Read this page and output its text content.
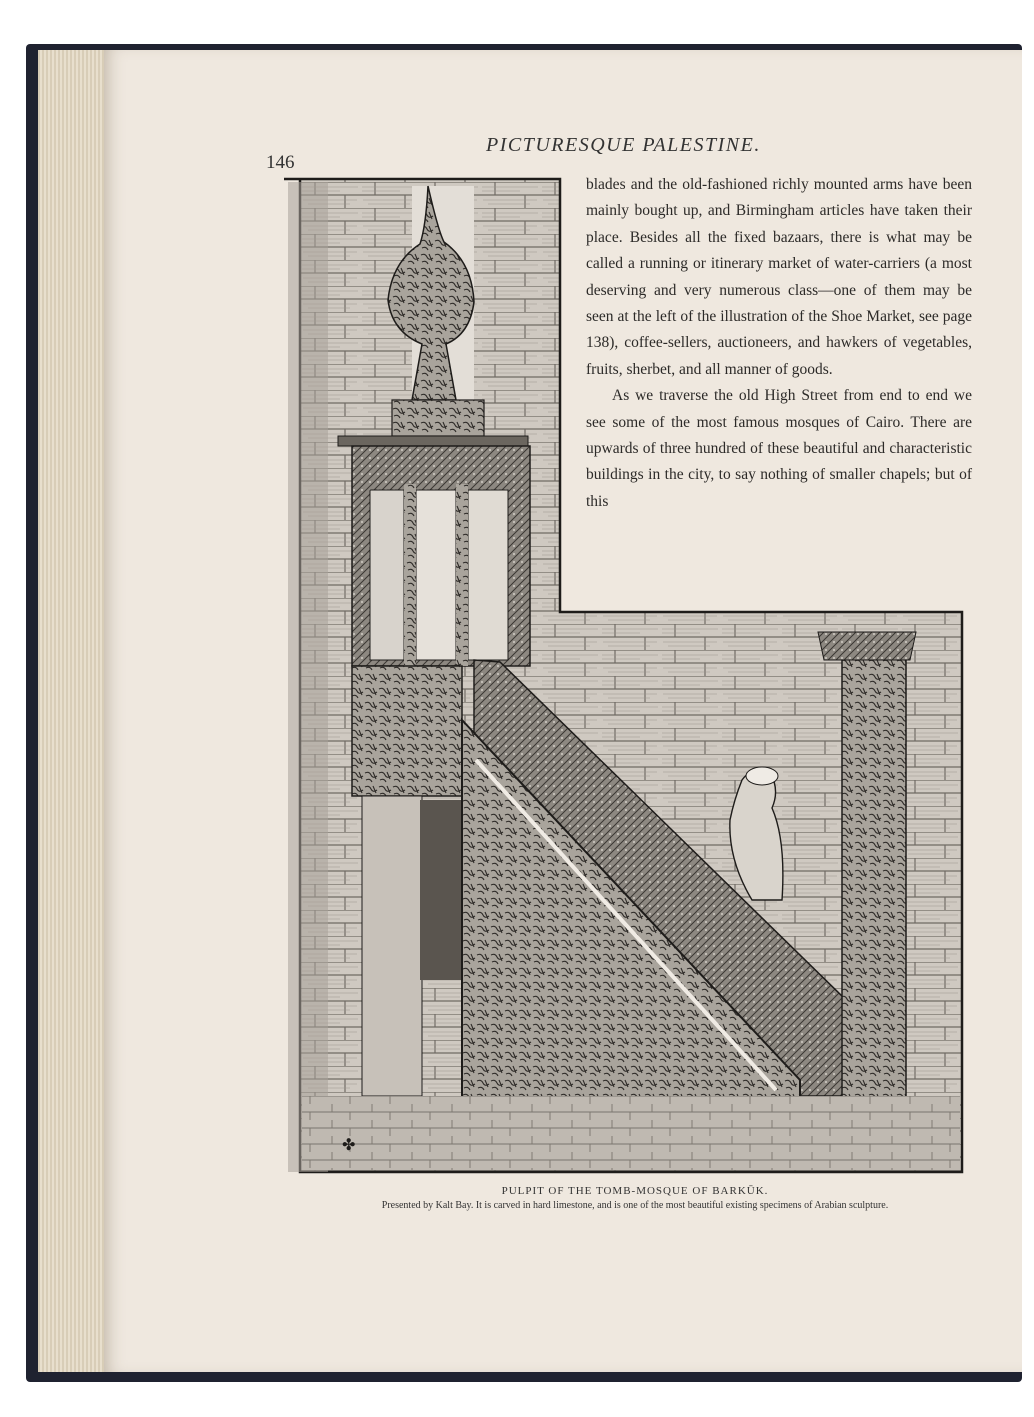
146
PICTURESQUE PALESTINE.
✤

blades and the old-fashioned richly mounted arms have been mainly bought up, and Birmingham articles have taken their place. Besides all the fixed bazaars, there is what may be called a running or itinerary market of water-carriers (a most deserving and very numerous class—one of them may be seen at the left of the illustration of the Shoe Market, see page 138), coffee-sellers, auctioneers, and hawkers of vegetables, fruits, sherbet, and all manner of goods.

As we traverse the old High Street from end to end we see some of the most famous mosques of Cairo. There are upwards of three hundred of these beautiful and characteristic buildings in the city, to say nothing of smaller chapels; but of this

PULPIT OF THE TOMB-MOSQUE OF BARKŪK.
Presented by Kalt Bay. It is carved in hard limestone, and is one of the most beautiful existing specimens of Arabian sculpture.
